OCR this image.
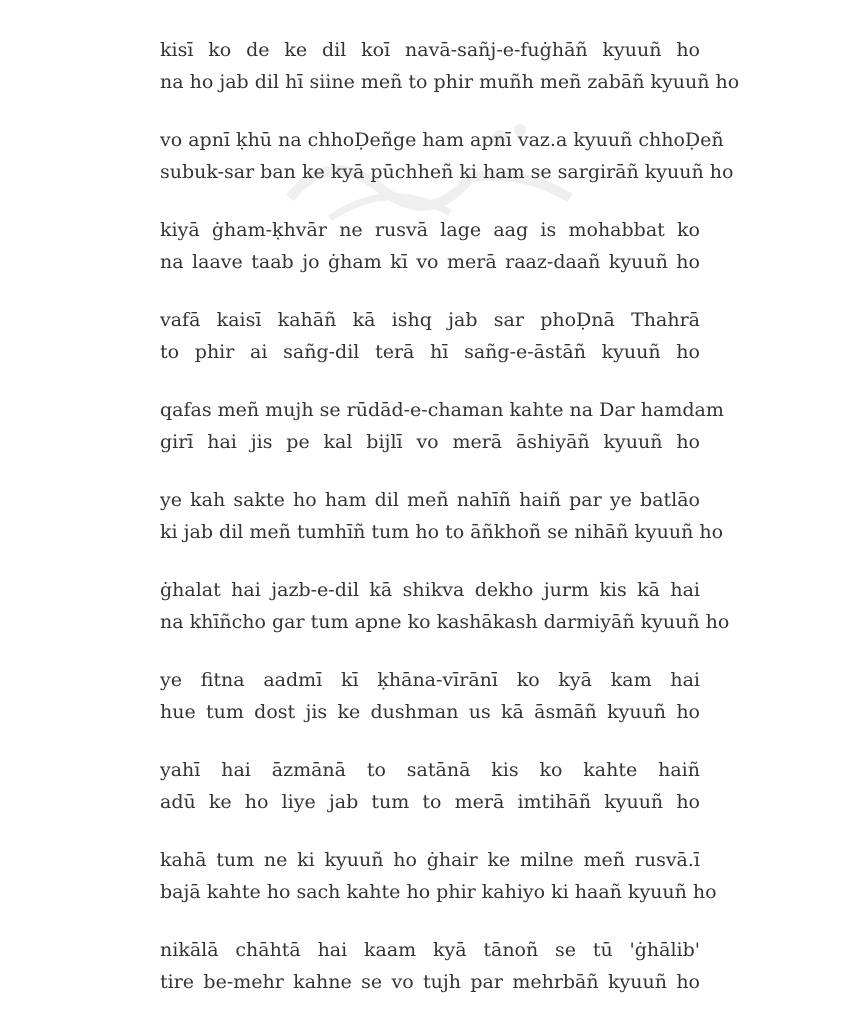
kisī ko de ke dil koī navā-sañj-e-fuġhāñ kyuuñ ho
na ho jab dil hī siine meñ to phir muñh meñ zabāñ kyuuñ ho
vo apnī ḳhū na chhoḌeñge ham apnī vaz.a kyuuñ chhoḌeñ
subuk-sar ban ke kyā pūchheñ ki ham se sargirāñ kyuuñ ho
kiyā ġham-ḳhvār ne rusvā lage aag is mohabbat ko
na laave taab jo ġham kī vo merā raaz-daañ kyuuñ ho
vafā kaisī kahāñ kā ishq jab sar phoḌnā Thahrā
to phir ai sañg-dil terā hī sañg-e-āstāñ kyuuñ ho
qafas meñ mujh se rūdād-e-chaman kahte na Dar hamdam
girī hai jis pe kal bijlī vo merā āshiyāñ kyuuñ ho
ye kah sakte ho ham dil meñ nahīñ haiñ par ye batlāo
ki jab dil meñ tumhīñ tum ho to āñkhoñ se nihāñ kyuuñ ho
ġhalat hai jazb-e-dil kā shikva dekho jurm kis kā hai
na khīñcho gar tum apne ko kashākash darmiyāñ kyuuñ ho
ye fitna aadmī kī ḳhāna-vīrānī ko kyā kam hai
hue tum dost jis ke dushman us kā āsmāñ kyuuñ ho
yahī hai āzmānā to satānā kis ko kahte haiñ
adū ke ho liye jab tum to merā imtihāñ kyuuñ ho
kahā tum ne ki kyuuñ ho ġhair ke milne meñ rusvā.ī
bajā kahte ho sach kahte ho phir kahiyo ki haañ kyuuñ ho
nikālā chāhtā hai kaam kyā tānoñ se tū 'ġhālib'
tire be-mehr kahne se vo tujh par mehrbāñ kyuuñ ho
